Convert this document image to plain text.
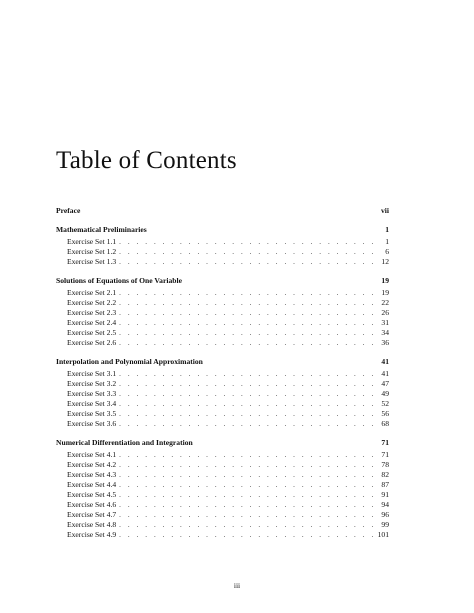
Table of Contents
Preface	vii
Mathematical Preliminaries	1
Exercise Set 1.1 . . .	1
Exercise Set 1.2 . . .	6
Exercise Set 1.3 . . .	12
Solutions of Equations of One Variable	19
Exercise Set 2.1 . . .	19
Exercise Set 2.2 . . .	22
Exercise Set 2.3 . . .	26
Exercise Set 2.4 . . .	31
Exercise Set 2.5 . . .	34
Exercise Set 2.6 . . .	36
Interpolation and Polynomial Approximation	41
Exercise Set 3.1 . . .	41
Exercise Set 3.2 . . .	47
Exercise Set 3.3 . . .	49
Exercise Set 3.4 . . .	52
Exercise Set 3.5 . . .	56
Exercise Set 3.6 . . .	68
Numerical Differentiation and Integration	71
Exercise Set 4.1 . . .	71
Exercise Set 4.2 . . .	78
Exercise Set 4.3 . . .	82
Exercise Set 4.4 . . .	87
Exercise Set 4.5 . . .	91
Exercise Set 4.6 . . .	94
Exercise Set 4.7 . . .	96
Exercise Set 4.8 . . .	99
Exercise Set 4.9 . . .	101
iii
